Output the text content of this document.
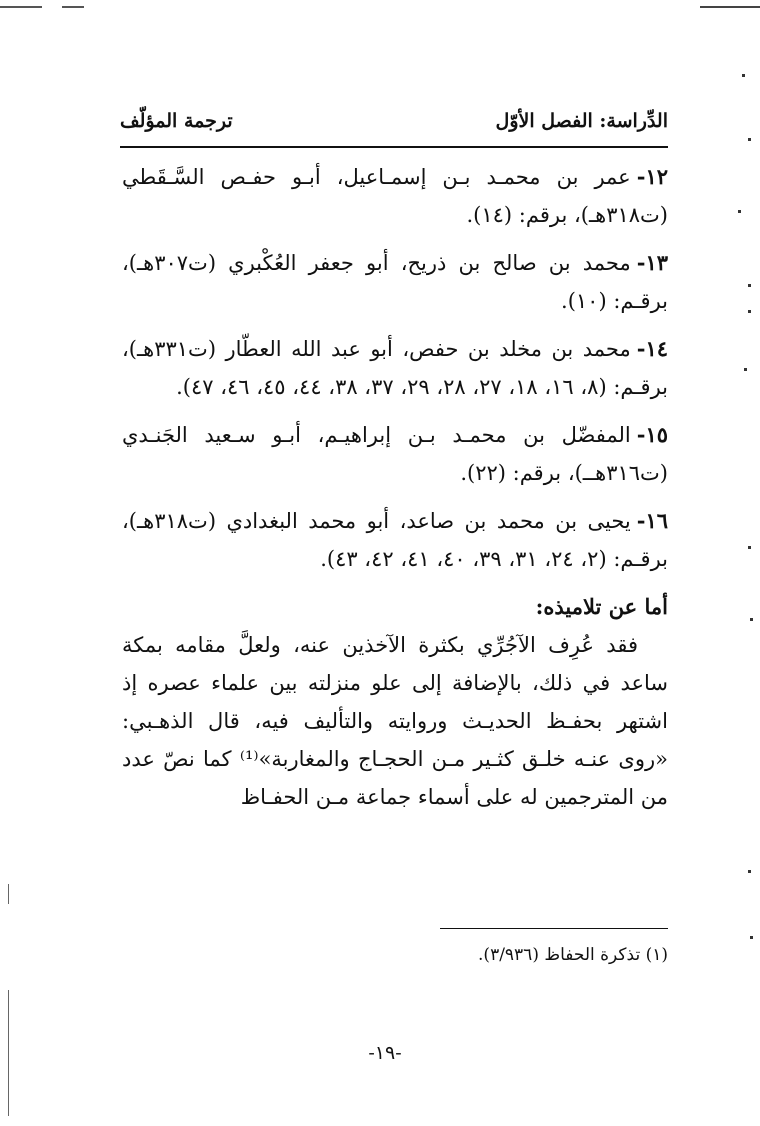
الدِّراسة: الفصل الأوّل
ترجمة المؤلّف
١٢-عمر بن محمـد بـن إسمـاعيل، أبـو حفـص السَّـقَطي (ت٣١٨هـ)، برقم: (١٤).
١٣-محمد بن صالح بن ذريح، أبو جعفر العُكْبري (ت٣٠٧هـ)، برقـم: (١٠).
١٤-محمد بن مخلد بن حفص، أبو عبد الله العطّار (ت٣٣١هـ)، برقـم: (٨، ١٦، ١٨، ٢٧، ٢٨، ٢٩، ٣٧، ٣٨، ٤٤، ٤٥، ٤٦، ٤٧).
١٥-المفضّل بن محمـد بـن إبراهيـم، أبـو سـعيد الجَنـدي (ت٣١٦هــ)، برقم: (٢٢).
١٦-يحيى بن محمد بن صاعد، أبو محمد البغدادي (ت٣١٨هـ)، برقـم: (٢، ٢٤، ٣١، ٣٩، ٤٠، ٤١، ٤٢، ٤٣).
أما عن تلاميذه:
فقد عُرِف الآجُرِّي بكثرة الآخذين عنه، ولعلَّ مقامه بمكة ساعد في ذلك، بالإضافة إلى علو منزلته بين علماء عصره إذ اشتهر بحفـظ الحديـث وروايته والتأليف فيه، قال الذهـبي: «روى عنـه خلـق كثـير مـن الحجـاج والمغاربة»⁽¹⁾ كما نصّ عدد من المترجمين له على أسماء جماعة مـن الحفـاظ
(١) تذكرة الحفاظ (٣/٩٣٦).
-١٩-
